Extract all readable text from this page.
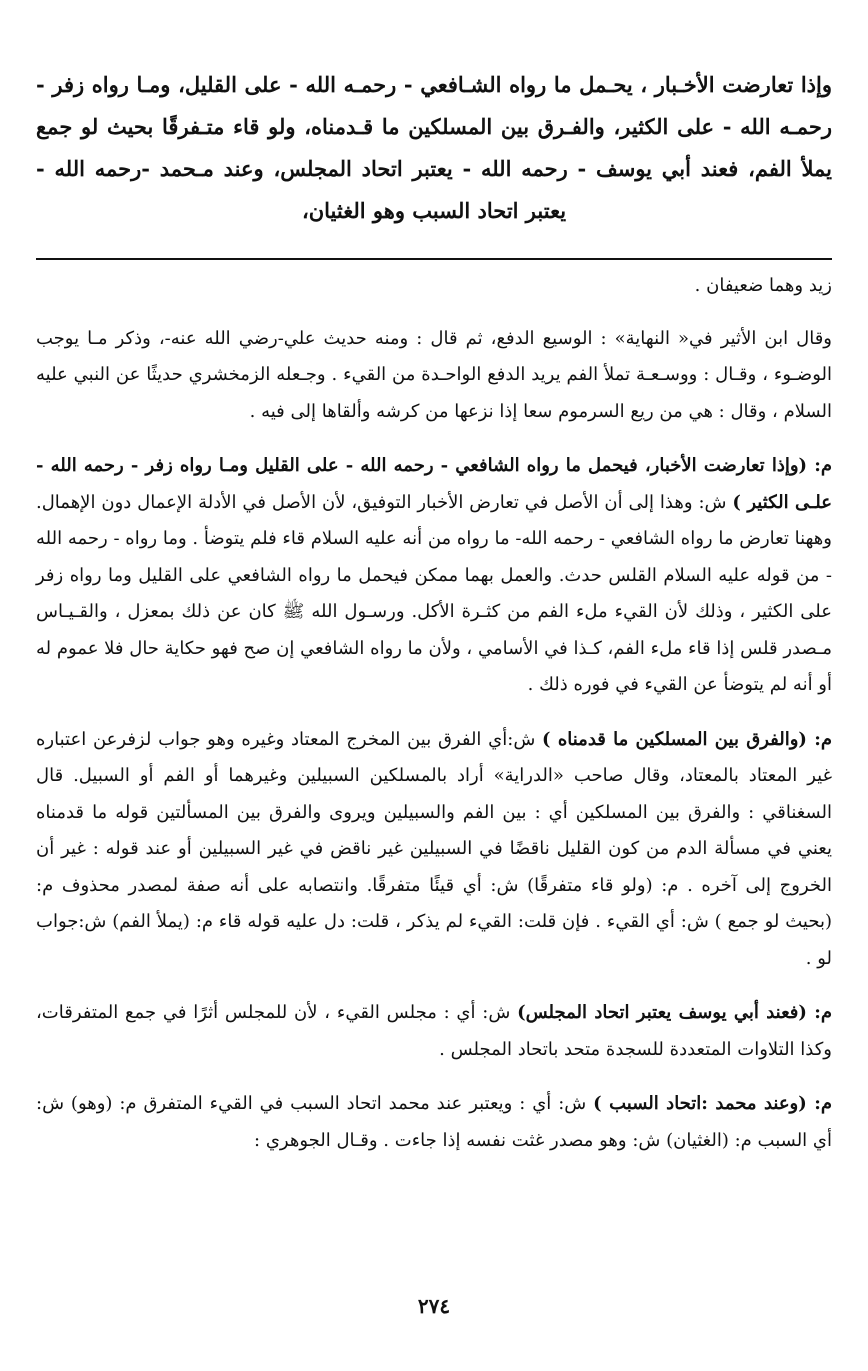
وإذا تعارضت الأخـبار ، يحـمل ما رواه الشـافعي - رحمـه الله - على القليل، ومـا رواه زفر - رحمـه الله - على الكثير، والفـرق بين المسلكين ما قـدمناه، ولو قاء متـفرقًا بحيث لو جمع يملأ الفم، فعند أبي يوسف - رحمه الله - يعتبر اتحاد المجلس، وعند مـحمد -رحمه الله - يعتبر اتحاد السبب وهو الغثيان،

زيد وهما ضعيفان .

وقال ابن الأثير في« النهاية» : الوسيع الدفع، ثم قال : ومنه حديث علي-رضي الله عنه-، وذكر مـا يوجب الوضـوء ، وقـال : ووسـعـة تملأ الفم يريد الدفع الواحـدة من القيء . وجـعله الزمخشري حديثًا عن النبي عليه السلام ، وقال : هي من ريع السرموم سعا إذا نزعها من كرشه وألقاها إلى فيه .

م: (وإذا تعارضت الأخبار، فيحمل ما رواه الشافعي - رحمه الله - على القليل ومـا رواه زفر - رحمه الله - علـى الكثير ) ش: وهذا إلى أن الأصل في تعارض الأخبار التوفيق، لأن الأصل في الأدلة الإعمال دون الإهمال. وههنا تعارض ما رواه الشافعي - رحمه الله- ما رواه من أنه عليه السلام قاء فلم يتوضأ . وما رواه - رحمه الله - من قوله عليه السلام القلس حدث. والعمل بهما ممكن فيحمل ما رواه الشافعي على القليل وما رواه زفر على الكثير ، وذلك لأن القيء ملء الفم من كثـرة الأكل. ورسـول الله ﷺ كان عن ذلك بمعزل ، والقـيـاس مـصدر قلس إذا قاء ملء الفم، كـذا في الأسامي ، ولأن ما رواه الشافعي إن صح فهو حكاية حال فلا عموم له أو أنه لم يتوضأ عن القيء في فوره ذلك .

م: (والفرق بين المسلكين ما قدمناه ) ش:أي الفرق بين المخرج المعتاد وغيره وهو جواب لزفرعن اعتباره غير المعتاد بالمعتاد، وقال صاحب «الدراية» أراد بالمسلكين السبيلين وغيرهما أو الفم أو السبيل. قال السغناقي : والفرق بين المسلكين أي : بين الفم والسبيلين ويروى والفرق بين المسألتين قوله ما قدمناه يعني في مسألة الدم من كون القليل ناقضًا في السبيلين غير ناقض في غير السبيلين أو عند قوله : غير أن الخروج إلى آخره . م: (ولو قاء متفرقًا) ش: أي قيئًا متفرقًا. وانتصابه على أنه صفة لمصدر محذوف م: (بحيث لو جمع ) ش: أي القيء . فإن قلت: القيء لم يذكر ، قلت: دل عليه قوله قاء م: (يملأ الفم) ش:جواب لو .

م: (فعند أبي يوسف يعتبر اتحاد المجلس) ش: أي : مجلس القيء ، لأن للمجلس أثرًا في جمع المتفرقات، وكذا التلاوات المتعددة للسجدة متحد باتحاد المجلس .

م: (وعند محمد :اتحاد السبب ) ش: أي : ويعتبر عند محمد اتحاد السبب في القيء المتفرق م: (وهو) ش: أي السبب م: (الغثيان) ش: وهو مصدر غثت نفسه إذا جاءت . وقـال الجوهري :

٢٧٤
